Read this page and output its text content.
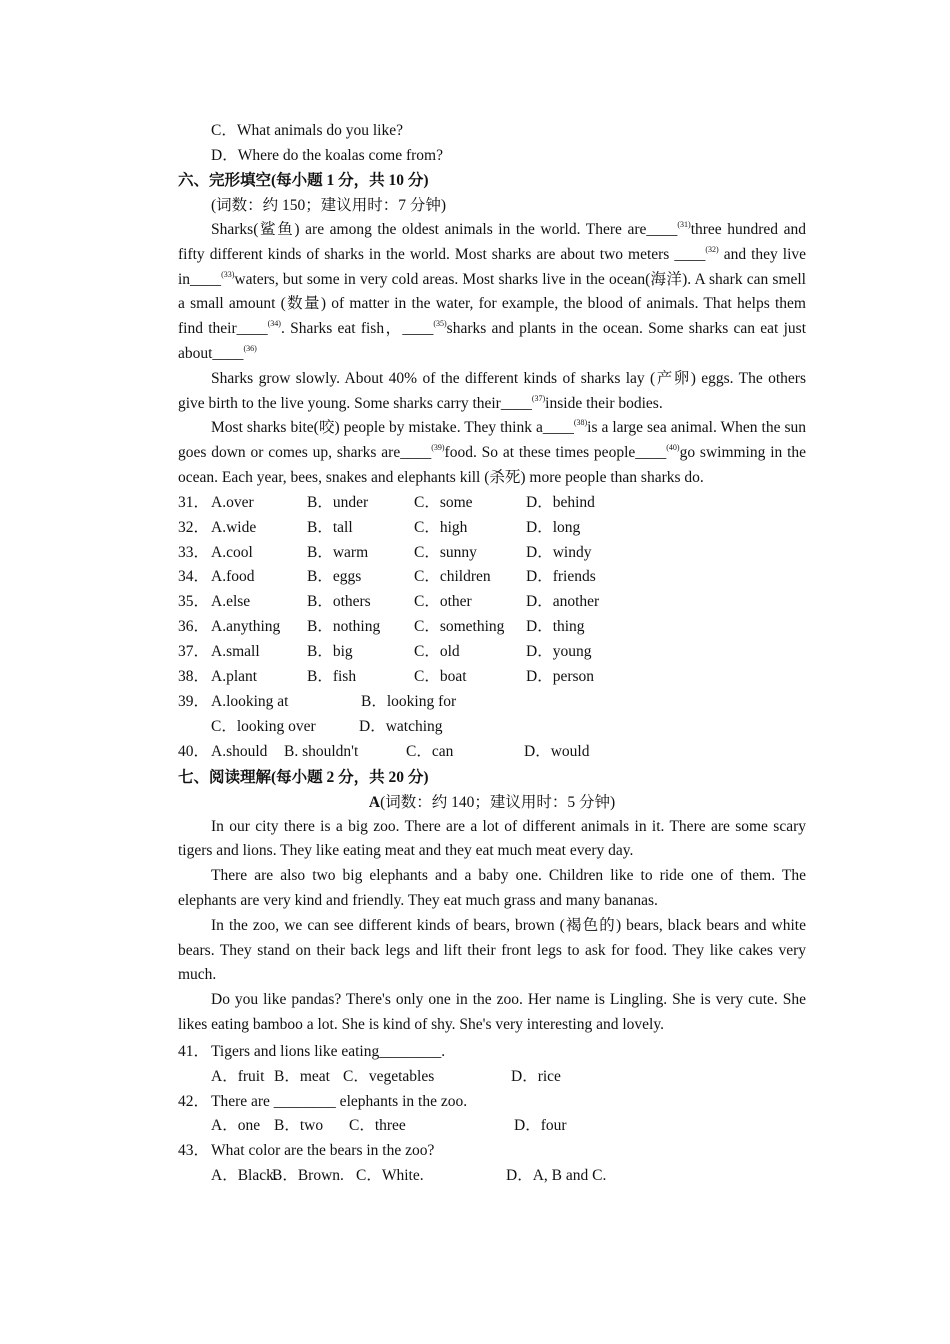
C．What animals do you like?
D．Where do the koalas come from?
六、完形填空(每小题 1 分，共 10 分)
(词数：约 150；建议用时：7 分钟)

Sharks(鲨鱼) are among the oldest animals in the world. There are____$^{(31)}$three hundred and fifty different kinds of sharks in the world. Most sharks are about two meters ____$^{(32)}$ and they live in____$^{(33)}$waters, but some in very cold areas. Most sharks live in the ocean(海洋). A shark can smell a small amount (数量) of matter in the water, for example, the blood of animals. That helps them find their____$^{(34)}$. Sharks eat fish，____$^{(35)}$sharks and plants in the ocean. Some sharks can eat just about____$^{(36)}$

Sharks grow slowly. About 40% of the different kinds of sharks lay (产卵) eggs. The others give birth to the live young. Some sharks carry their____$^{(37)}$inside their bodies.

Most sharks bite(咬) people by mistake. They think a____$^{(38)}$is a large sea animal. When the sun goes down or comes up, sharks are____$^{(39)}$food. So at these times people____$^{(40)}$go swimming in the ocean. Each year, bees, snakes and elephants kill (杀死) more people than sharks do.

31． A.over	B．under	C．some	D．behind
32． A.wide	B．tall	C．high	D．long
33． A.cool	B．warm	C．sunny	D．windy
34． A.food	B．eggs	C．children	D．friends
35． A.else	B．others	C．other	D．another
36． A.anything	B．nothing	C．something	D．thing
37． A.small	B．big	C．old	D．young
38． A.plant	B．fish	C．boat	D．person
39． A.looking at	B．looking for
C．looking over	D．watching
40． A.should	B. shouldn't	C．can	D．would
七、阅读理解(每小题 2 分，共 20 分)
A(词数：约 140；建议用时：5 分钟)

In our city there is a big zoo. There are a lot of different animals in it. There are some scary tigers and lions. They like eating meat and they eat much meat every day.

There are also two big elephants and a baby one. Children like to ride one of them. The elephants are very kind and friendly. They eat much grass and many bananas.

In the zoo, we can see different kinds of bears, brown (褐色的) bears, black bears and white bears. They stand on their back legs and lift their front legs to ask for food. They like cakes very much.

Do you like pandas? There's only one in the zoo. Her name is Lingling. She is very cute. She likes eating bamboo a lot. She is kind of shy. She's very interesting and lovely.

41． Tigers and lions like eating________.
A．fruit B．meat C．vegetables	D．rice
42． There are ________ elephants in the zoo.
A．one B．two	C．three	D．four
43． What color are the bears in the zoo?
A．Black.
B．Brown. C．White.	D．A, B and C.
